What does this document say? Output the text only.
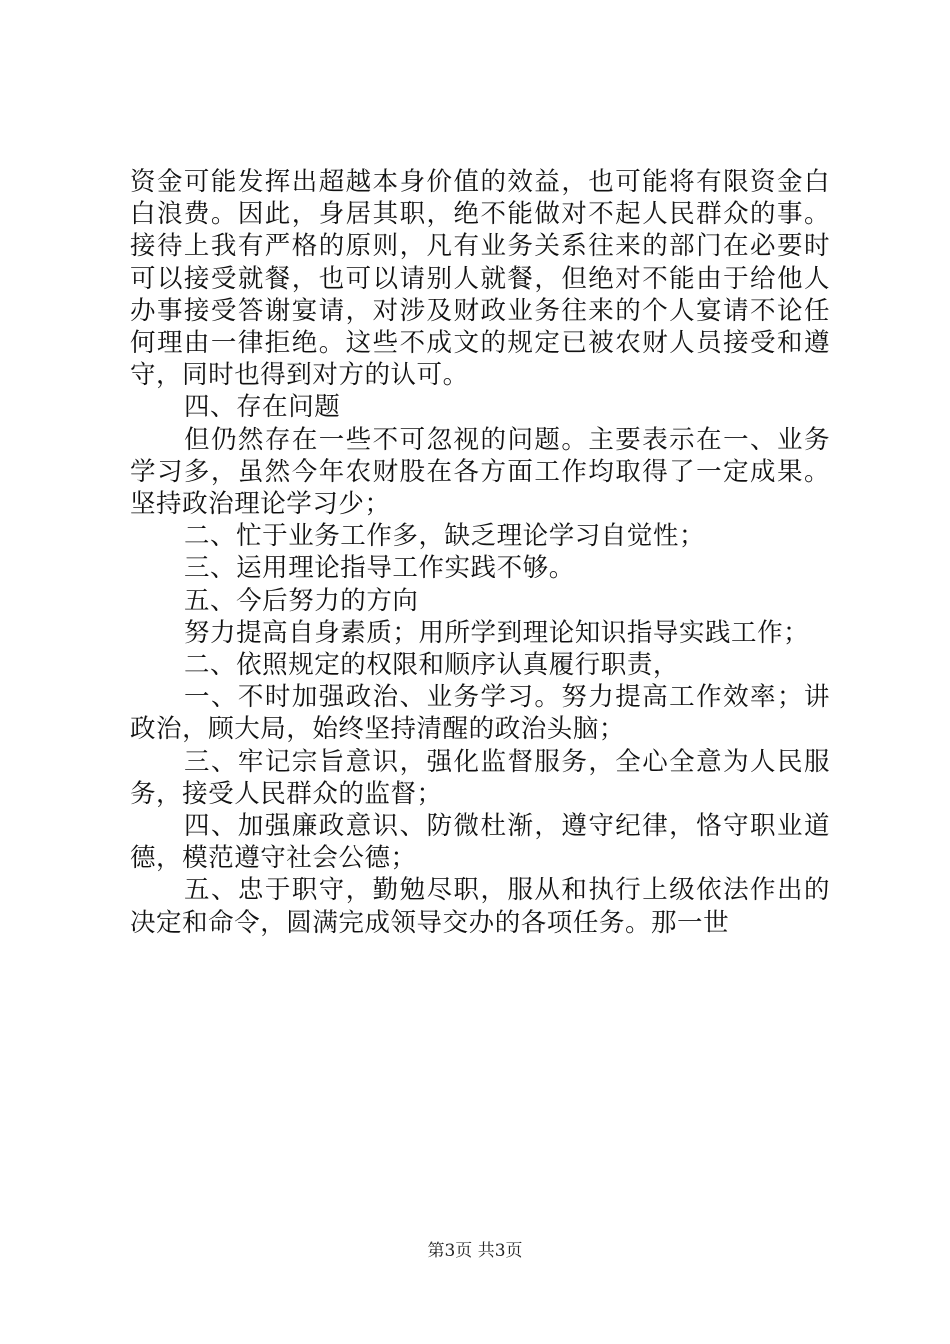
资金可能发挥出超越本身价值的效益，也可能将有限资金白白浪费。因此，身居其职，绝不能做对不起人民群众的事。接待上我有严格的原则，凡有业务关系往来的部门在必要时可以接受就餐，也可以请别人就餐，但绝对不能由于给他人办事接受答谢宴请，对涉及财政业务往来的个人宴请不论任何理由一律拒绝。这些不成文的规定已被农财人员接受和遵守，同时也得到对方的认可。

四、存在问题

但仍然存在一些不可忽视的问题。主要表示在一、业务学习多，虽然今年农财股在各方面工作均取得了一定成果。坚持政治理论学习少；

二、忙于业务工作多，缺乏理论学习自觉性；

三、运用理论指导工作实践不够。

五、今后努力的方向

努力提高自身素质；用所学到理论知识指导实践工作；

二、依照规定的权限和顺序认真履行职责，

一、不时加强政治、业务学习。努力提高工作效率；讲政治，顾大局，始终坚持清醒的政治头脑；

三、牢记宗旨意识，强化监督服务，全心全意为人民服务，接受人民群众的监督；

四、加强廉政意识、防微杜渐，遵守纪律，恪守职业道德，模范遵守社会公德；

五、忠于职守，勤勉尽职，服从和执行上级依法作出的决定和命令，圆满完成领导交办的各项任务。那一世

第3页 共3页
